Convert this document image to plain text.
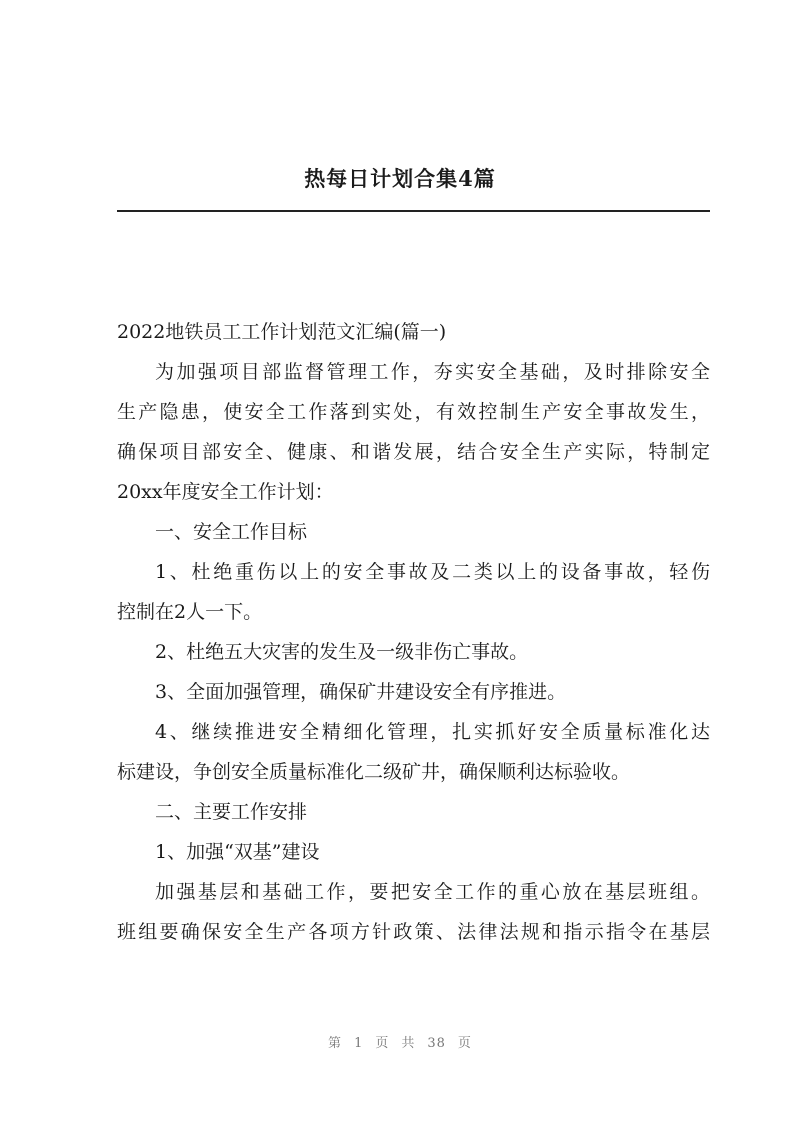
热每日计划合集4篇
2022地铁员工工作计划范文汇编(篇一)
为加强项目部监督管理工作，夯实安全基础，及时排除安全
生产隐患，使安全工作落到实处，有效控制生产安全事故发生，
确保项目部安全、健康、和谐发展，结合安全生产实际，特制定
20xx年度安全工作计划：
一、安全工作目标
1、杜绝重伤以上的安全事故及二类以上的设备事故，轻伤
控制在2人一下。
2、杜绝五大灾害的发生及一级非伤亡事故。
3、全面加强管理，确保矿井建设安全有序推进。
4、继续推进安全精细化管理，扎实抓好安全质量标准化达
标建设，争创安全质量标准化二级矿井，确保顺利达标验收。
二、主要工作安排
1、加强“双基”建设
加强基层和基础工作，要把安全工作的重心放在基层班组。
班组要确保安全生产各项方针政策、法律法规和指示指令在基层
第 1 页 共 38 页
